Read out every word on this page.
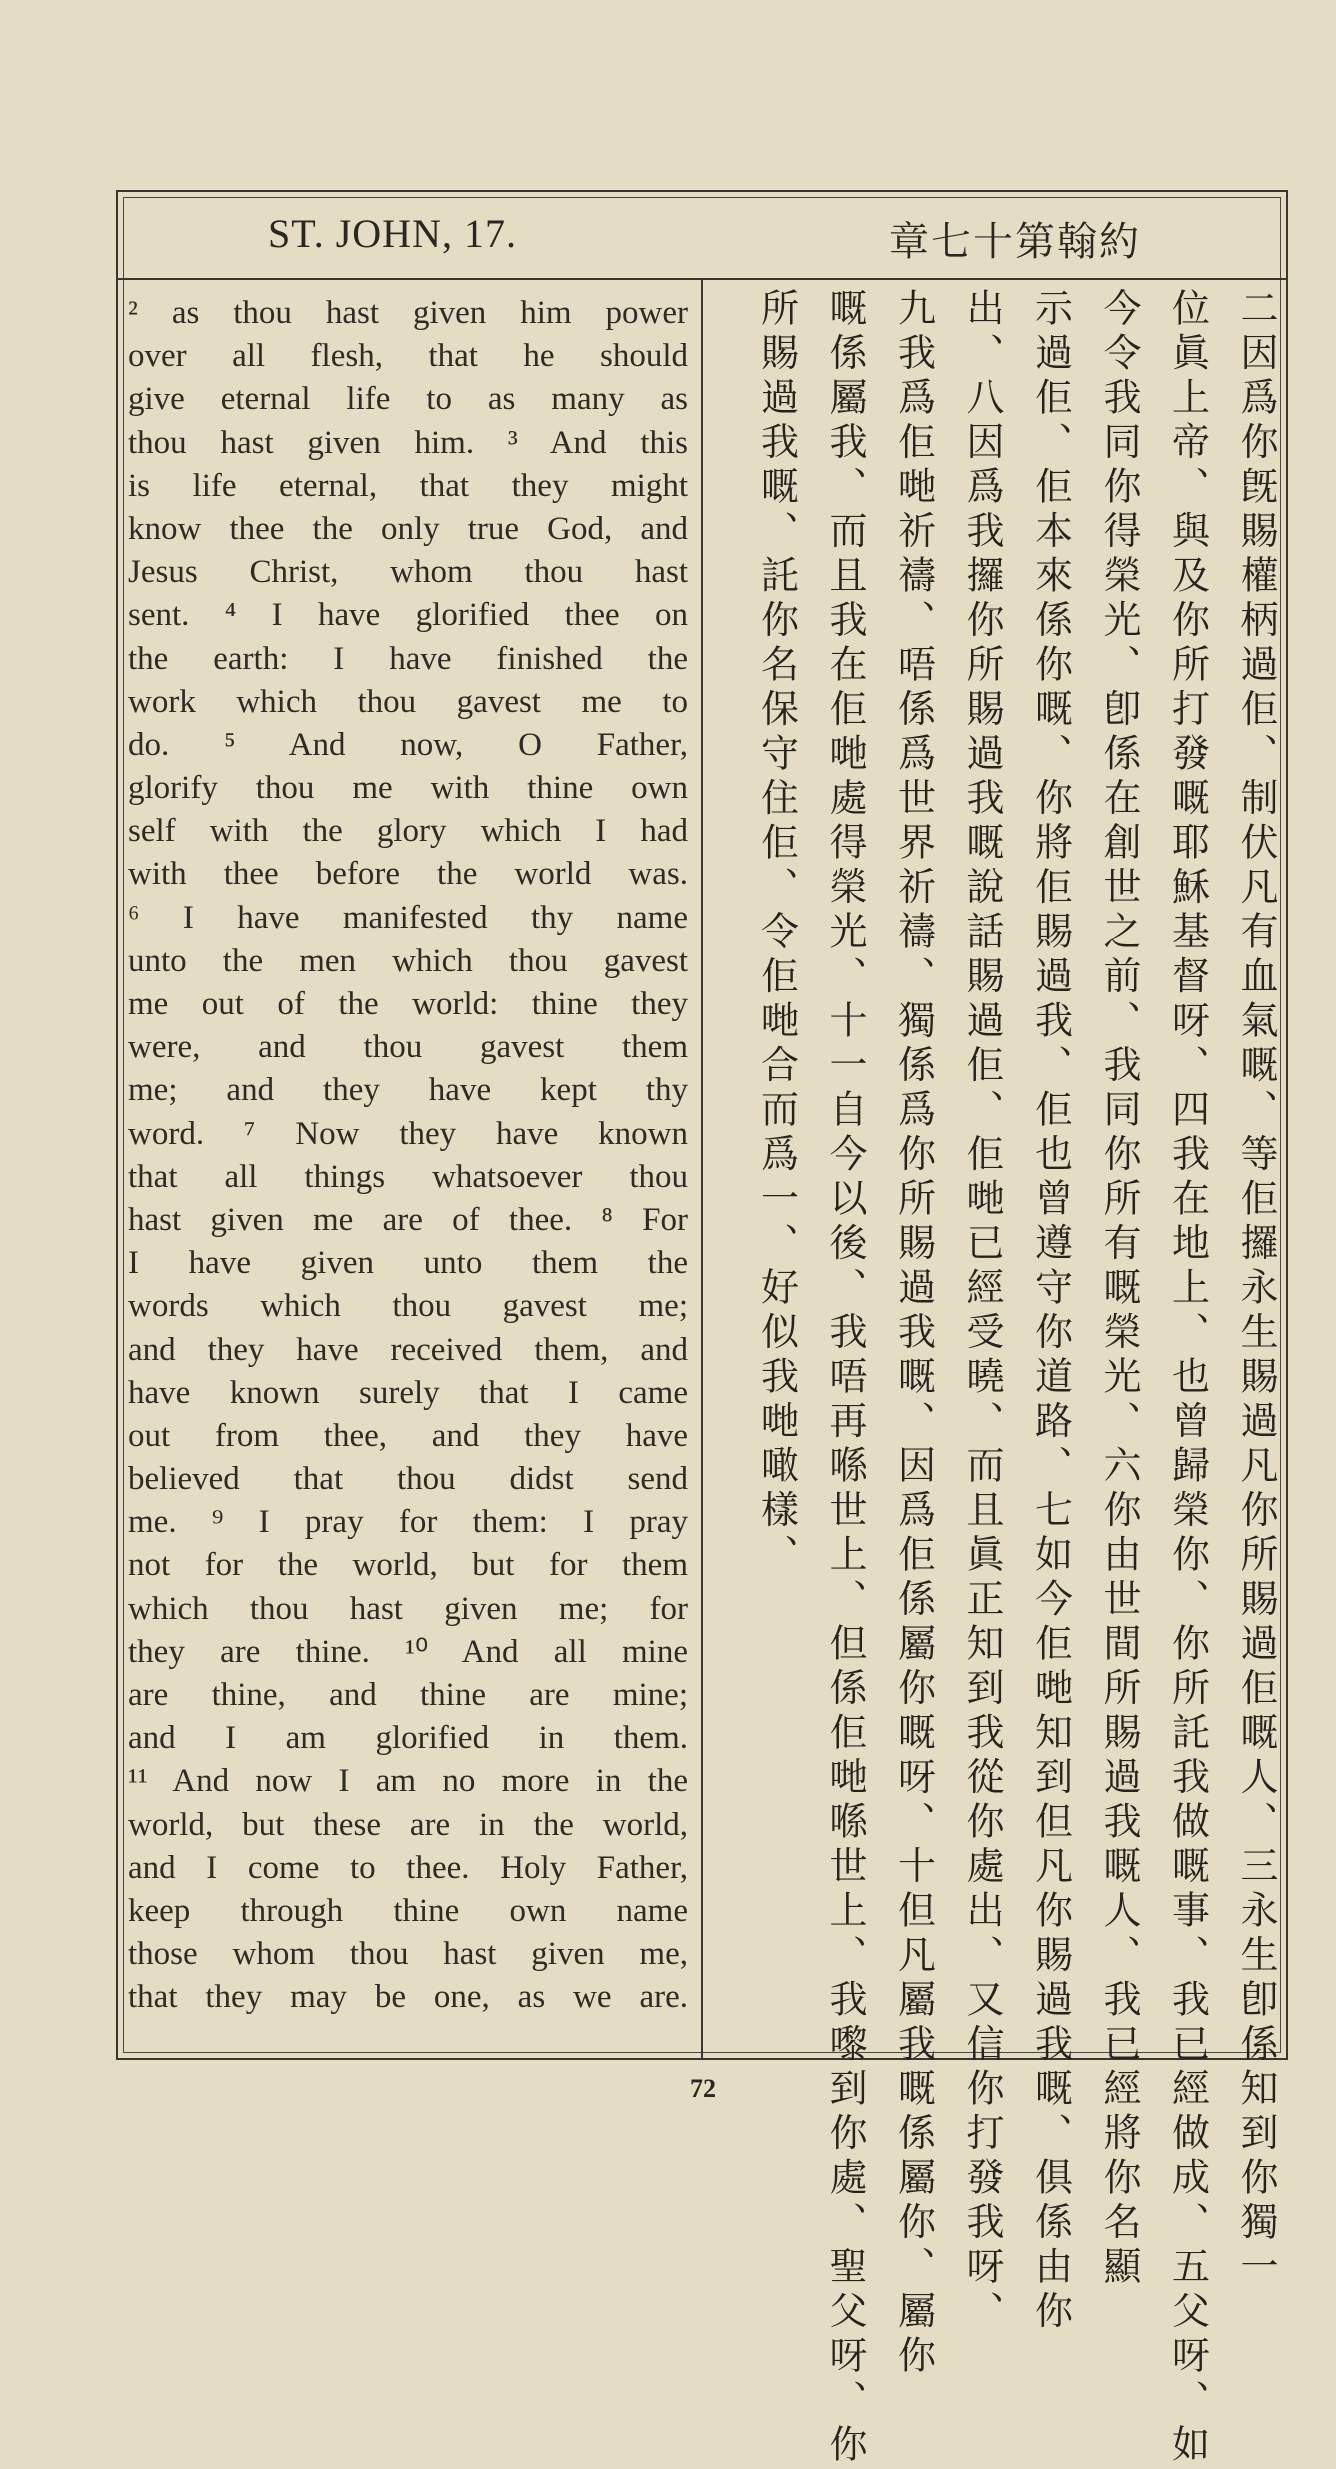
ST. JOHN, 17.	約翰第十七章
² as thou hast given him power
over all flesh, that he should
give eternal life to as many as
thou hast given him. ³ And this
is life eternal, that they might
know thee the only true God, and
Jesus Christ, whom thou hast
sent. ⁴ I have glorified thee on
the earth: I have finished the
work which thou gavest me to
do. ⁵ And now, O Father,
glorify thou me with thine own
self with the glory which I had
with thee before the world was.
⁶ I have manifested thy name
unto the men which thou gavest
me out of the world: thine they
were, and thou gavest them
me; and they have kept thy
word. ⁷ Now they have known
that all things whatsoever thou
hast given me are of thee. ⁸ For
I have given unto them the
words which thou gavest me;
and they have received them, and
have known surely that I came
out from thee, and they have
believed that thou didst send
me. ⁹ I pray for them: I pray
not for the world, but for them
which thou hast given me; for
they are thine. ¹⁰ And all mine
are thine, and thine are mine;
and I am glorified in them.
¹¹ And now I am no more in the
world, but these are in the world,
and I come to thee. Holy Father,
keep through thine own name
those whom thou hast given me,
that they may be one, as we are.	二因爲你旣賜權柄過佢、制伏凡有血氣嘅、等佢攞永生賜過凡你所賜過佢嘅人、三永生卽係知到你獨一
位眞上帝、與及你所打發嘅耶穌基督呀、四我在地上、也曾歸榮你、你所託我做嘅事、我已經做成、五父呀、如
今令我同你得榮光、卽係在創世之前、我同你所有嘅榮光、六你由世間所賜過我嘅人、我已經將你名顯
示過佢、佢本來係你嘅、你將佢賜過我、佢也曾遵守你道路、七如今佢哋知到但凡你賜過我嘅、俱係由你
出、八因爲我攞你所賜過我嘅說話賜過佢、佢哋已經受曉、而且眞正知到我從你處出、又信你打發我呀、
九我爲佢哋祈禱、唔係爲世界祈禱、獨係爲你所賜過我嘅、因爲佢係屬你嘅呀、十但凡屬我嘅係屬你、屬你
嘅係屬我、而且我在佢哋處得榮光、十一自今以後、我唔再喺世上、但係佢哋喺世上、我嚟到你處、聖父呀、你
所賜過我嘅、託你名保守住佢、令佢哋合而爲一、好似我哋噉樣、
72
